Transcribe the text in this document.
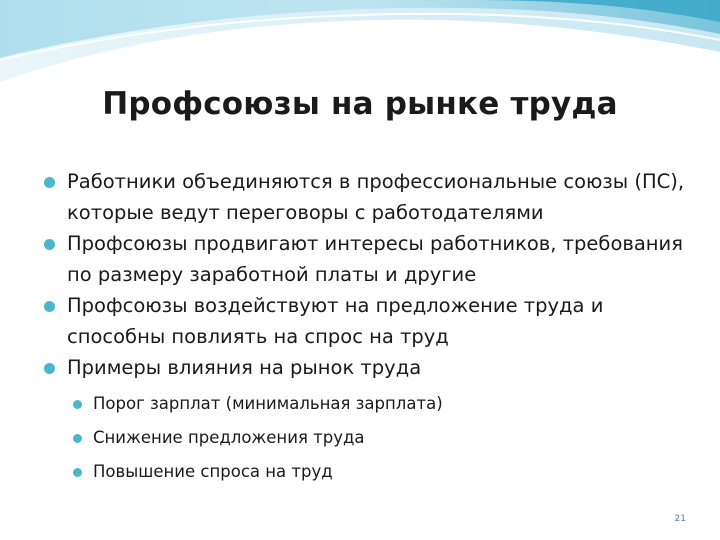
Профсоюзы на рынке труда
Работники объединяются в профессиональные союзы (ПС), которые ведут переговоры с работодателями
Профсоюзы продвигают интересы работников, требования по размеру заработной платы и другие
Профсоюзы воздействуют на предложение труда и способны повлиять на спрос на труд
Примеры влияния на рынок труда
Порог зарплат (минимальная зарплата)
Снижение предложения труда
Повышение спроса на труд
21
